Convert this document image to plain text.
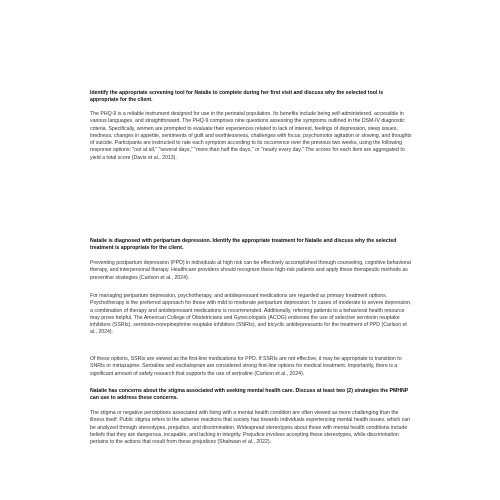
Identify the appropriate screening tool for Natalie to complete during her first visit and discuss why the selected tool is appropriate for the client.

The PHQ-9 is a reliable instrument designed for use in the perinatal population. Its benefits include being self-administered, accessible in various languages, and straightforward. The PHQ-9 comprises nine questions assessing the symptoms outlined in the DSM-IV diagnostic criteria. Specifically, women are prompted to evaluate their experiences related to lack of interest, feelings of depression, sleep issues, tiredness, changes in appetite, sentiments of guilt and worthlessness, challenges with focus, psychomotor agitation or slowing, and thoughts of suicide. Participants are instructed to rate each symptom according to its occurrence over the previous two weeks, using the following response options: "not at all," "several days," "more than half the days," or "nearly every day." The scores for each item are aggregated to yield a total score (Davis et al., 2013).

Natalie is diagnosed with peripartum depression. Identify the appropriate treatment for Natalie and discuss why the selected treatment is appropriate for the client.

Preventing postpartum depression (PPD) in individuals at high risk can be effectively accomplished through counseling, cognitive behavioral therapy, and interpersonal therapy. Healthcare providers should recognize these high-risk patients and apply these therapeutic methods as preventive strategies (Carlson et al., 2024).

For managing peripartum depression, psychotherapy, and antidepressant medications are regarded as primary treatment options. Psychotherapy is the preferred approach for those with mild to moderate peripartum depression. In cases of moderate to severe depression, a combination of therapy and antidepressant medications is recommended. Additionally, referring patients to a behavioral health resource may prove helpful. The American College of Obstetricians and Gynecologists (ACOG) endorses the use of selective serotonin reuptake inhibitors (SSRIs), serotonin-norepinephrine reuptake inhibitors (SNRIs), and tricyclic antidepressants for the treatment of PPD (Carlson et al., 2024).

Of these options, SSRIs are viewed as the first-line medications for PPD. If SSRIs are not effective, it may be appropriate to transition to SNRIs or mirtazapine. Sertraline and escitalopram are considered strong first-line options for medical treatment. Importantly, there is a significant amount of safety research that supports the use of sertraline (Carlson et al., 2024).

Natalie has concerns about the stigma associated with seeking mental health care. Discuss at least two (2) strategies the PMHNP can use to address these concerns.

The stigma or negative perceptions associated with living with a mental health condition are often viewed as more challenging than the illness itself. Public stigma refers to the adverse reactions that society has towards individuals experiencing mental health issues, which can be analyzed through stereotypes, prejudice, and discrimination. Widespread stereotypes about those with mental health conditions include beliefs that they are dangerous, incapable, and lacking in integrity. Prejudice involves accepting these stereotypes, while discrimination pertains to the actions that result from these prejudices (Shahwan et al., 2022).
